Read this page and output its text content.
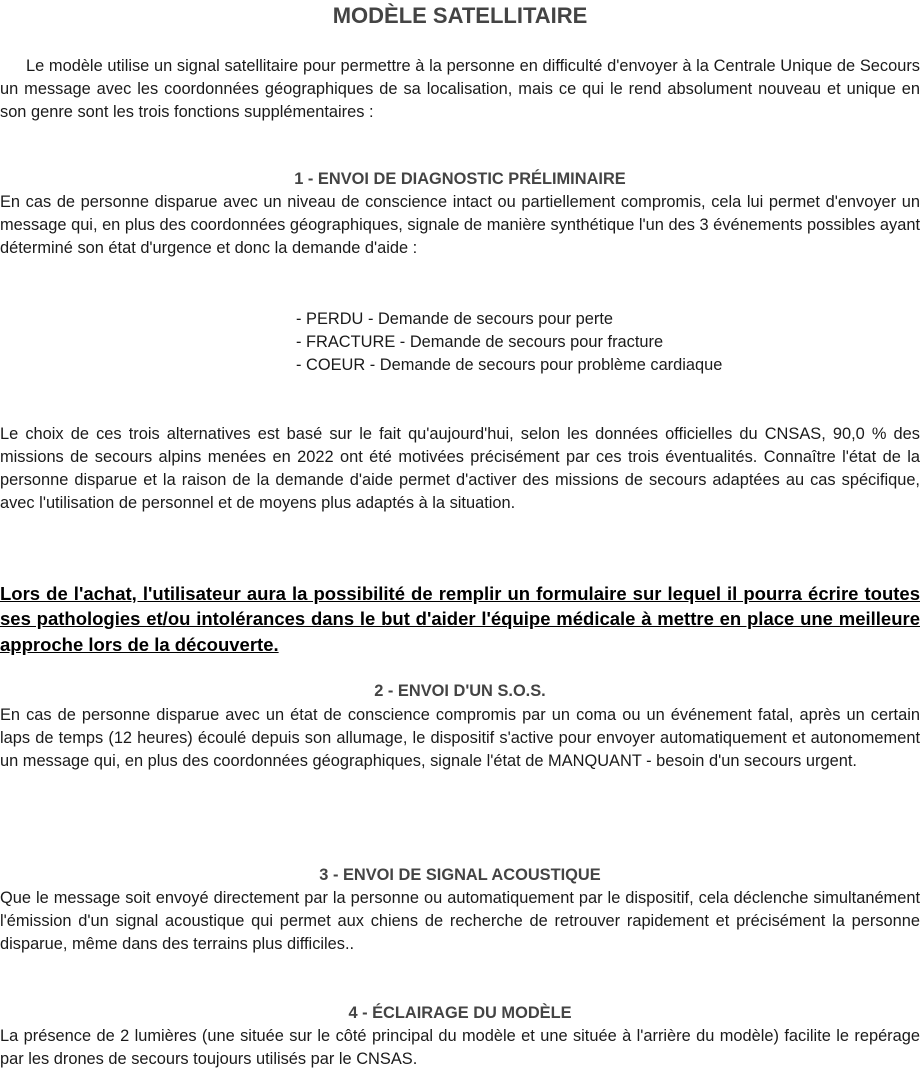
MODÈLE SATELLITAIRE

Le modèle utilise un signal satellitaire pour permettre à la personne en difficulté d'envoyer à la Centrale Unique de Secours un message avec les coordonnées géographiques de sa localisation, mais ce qui le rend absolument nouveau et unique en son genre sont les trois fonctions supplémentaires :

1 - ENVOI DE DIAGNOSTIC PRÉLIMINAIRE

En cas de personne disparue avec un niveau de conscience intact ou partiellement compromis, cela lui permet d'envoyer un message qui, en plus des coordonnées géographiques, signale de manière synthétique l'un des 3 événements possibles ayant déterminé son état d'urgence et donc la demande d'aide :

- PERDU - Demande de secours pour perte
- FRACTURE - Demande de secours pour fracture
- COEUR - Demande de secours pour problème cardiaque

Le choix de ces trois alternatives est basé sur le fait qu'aujourd'hui, selon les données officielles du CNSAS, 90,0 % des missions de secours alpins menées en 2022 ont été motivées précisément par ces trois éventualités. Connaître l'état de la personne disparue et la raison de la demande d'aide permet d'activer des missions de secours adaptées au cas spécifique, avec l'utilisation de personnel et de moyens plus adaptés à la situation.

Lors de l'achat, l'utilisateur aura la possibilité de remplir un formulaire sur lequel il pourra écrire toutes ses pathologies et/ou intolérances dans le but d'aider l'équipe médicale à mettre en place une meilleure approche lors de la découverte.

2 - ENVOI D'UN S.O.S.

En cas de personne disparue avec un état de conscience compromis par un coma ou un événement fatal, après un certain laps de temps (12 heures) écoulé depuis son allumage, le dispositif s'active pour envoyer automatiquement et autonomement un message qui, en plus des coordonnées géographiques, signale l'état de MANQUANT - besoin d'un secours urgent.

3 - ENVOI DE SIGNAL ACOUSTIQUE

Que le message soit envoyé directement par la personne ou automatiquement par le dispositif, cela déclenche simultanément l'émission d'un signal acoustique qui permet aux chiens de recherche de retrouver rapidement et précisément la personne disparue, même dans des terrains plus difficiles..

4 - ÉCLAIRAGE DU MODÈLE

La présence de 2 lumières (une située sur le côté principal du modèle et une située à l'arrière du modèle) facilite le repérage par les drones de secours toujours utilisés par le CNSAS.
